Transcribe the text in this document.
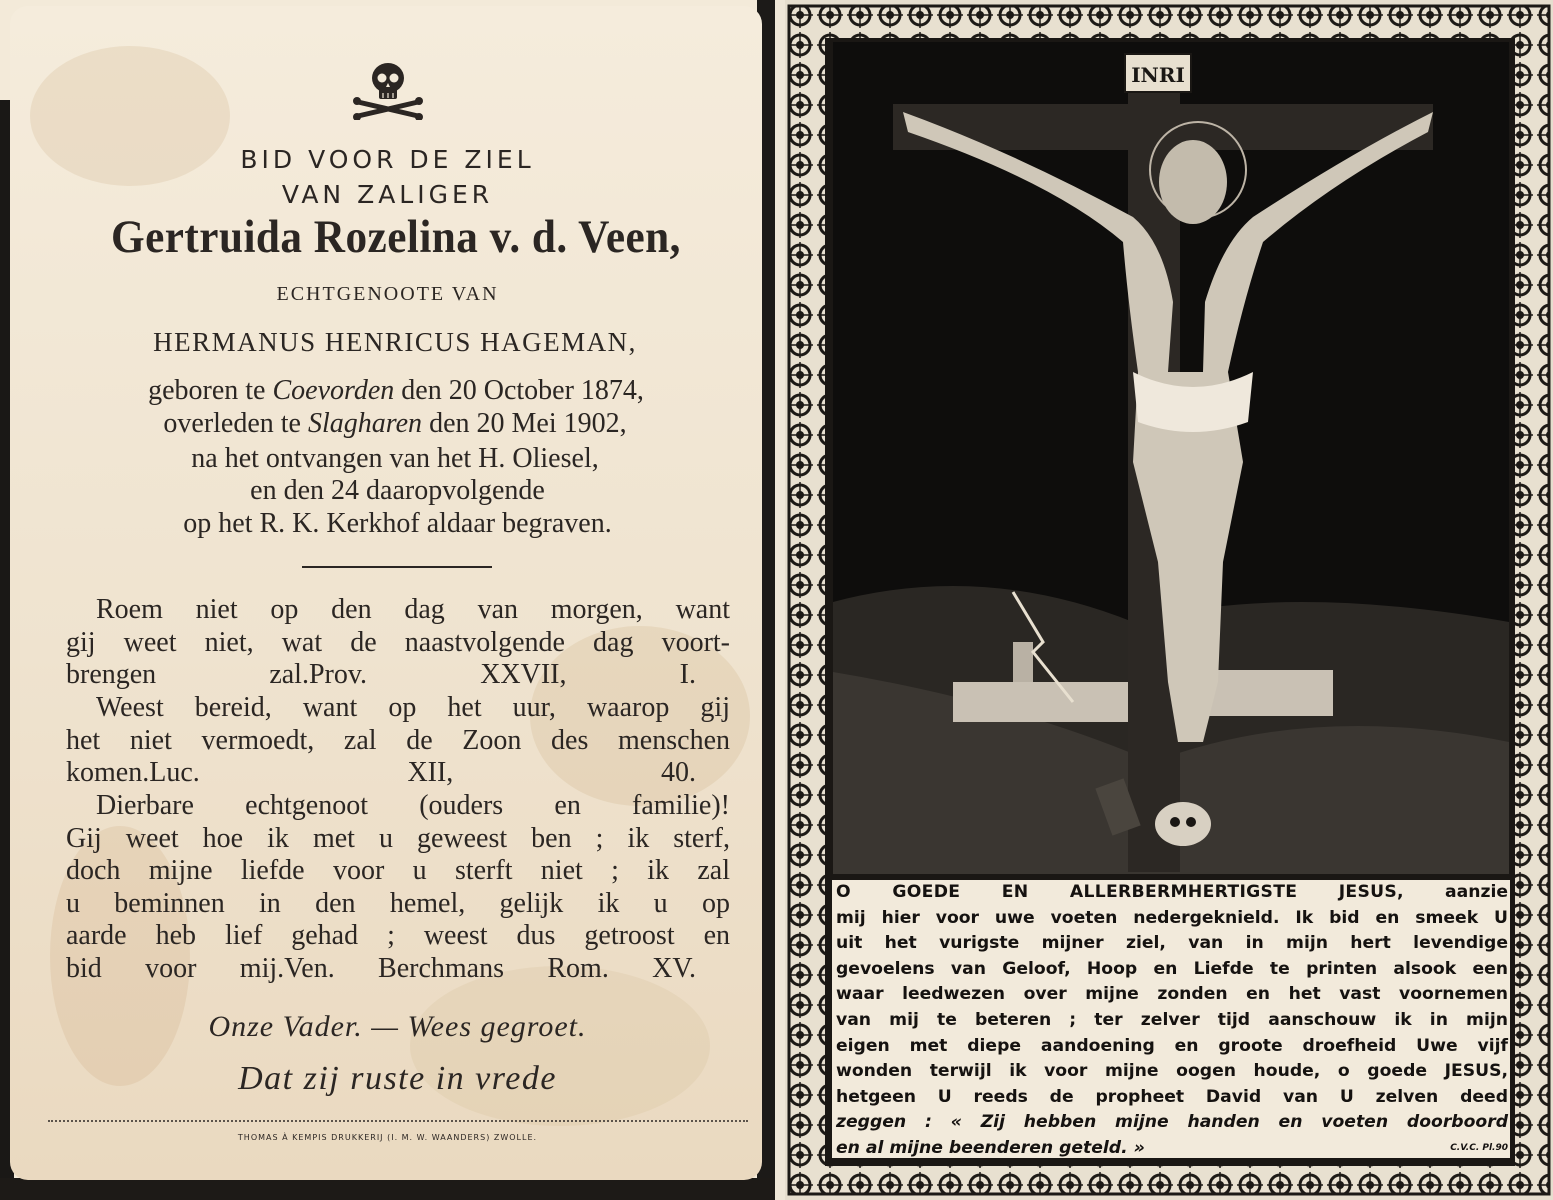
BID VOOR DE ZIEL
VAN ZALIGER
Gertruida Rozelina v. d. Veen,
ECHTGENOOTE VAN
HERMANUS HENRICUS HAGEMAN,
geboren te Coevorden den 20 October 1874,
overleden te Slagharen den 20 Mei 1902,
na het ontvangen van het H. Oliesel,
en den 24 daaropvolgende
op het R. K. Kerkhof aldaar begraven.
Roem niet op den dag van morgen, want
gij weet niet, wat de naastvolgende dag voort-
brengen zal.Prov. XXVII, I.
Weest bereid, want op het uur, waarop gij
het niet vermoedt, zal de Zoon des menschen
komen.Luc. XII, 40.
Dierbare echtgenoot (ouders en familie)!
Gij weet hoe ik met u geweest ben ; ik sterf,
doch mijne liefde voor u sterft niet ; ik zal
u beminnen in den hemel, gelijk ik u op
aarde heb lief gehad ; weest dus getroost en
bid voor mij.Ven. Berchmans Rom. XV.
Onze Vader. — Wees gegroet.
Dat zij ruste in vrede
THOMAS À KEMPIS DRUKKERIJ (I. M. W. WAANDERS) ZWOLLE.
INRI
O GOEDE EN ALLERBERMHERTIGSTE JESUS, aanzie
mij hier voor uwe voeten nedergeknield. Ik bid en smeek U
uit het vurigste mijner ziel, van in mijn hert levendige
gevoelens van Geloof, Hoop en Liefde te printen alsook een
waar leedwezen over mijne zonden en het vast voornemen
van mij te beteren ; ter zelver tijd aanschouw ik in mijn
eigen met diepe aandoening en groote droefheid Uwe vijf
wonden terwijl ik voor mijne oogen houde, o goede JESUS,
hetgeen U reeds de propheet David van U zelven deed
zeggen : « Zij hebben mijne handen en voeten doorboord
en al mijne beenderen geteld. »	C.V.C. Pl.90
